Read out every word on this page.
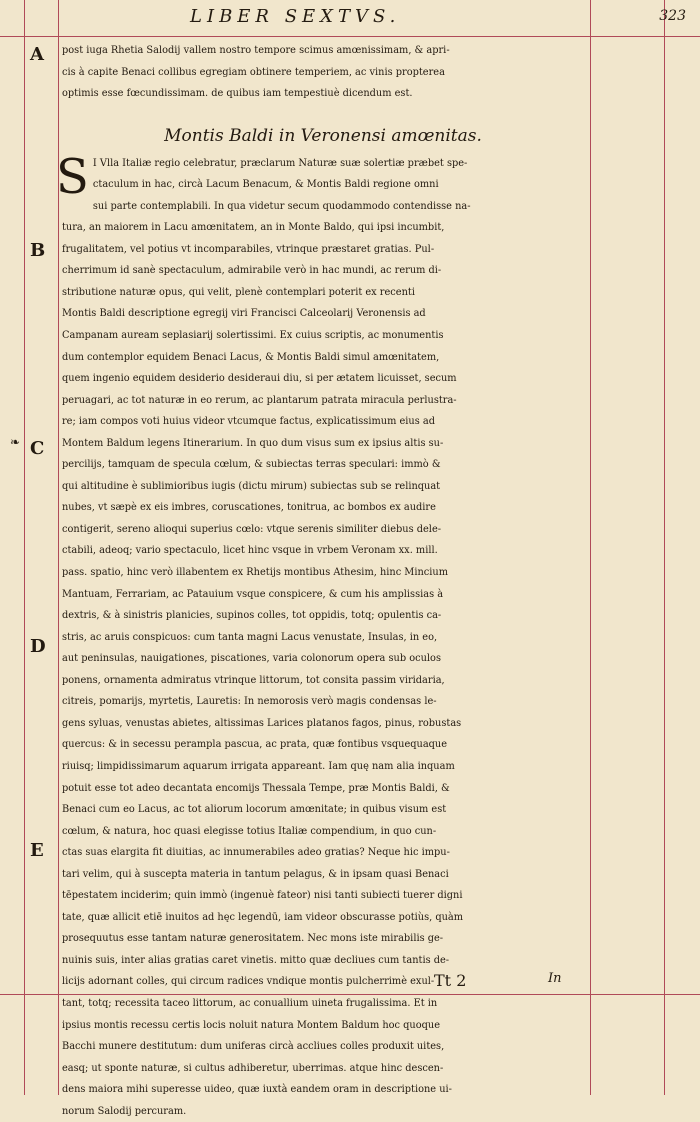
LIBER SEXTVS.	323
A
B
C
D
E
❧
post iuga Rhetia Salodij vallem nostro tempore scimus amœnissimam, & apri-
cis à capite Benaci collibus egregiam obtinere temperiem, ac vinis propterea
optimis esse fœcundissimam. de quibus iam tempestiuè dicendum est.
Montis Baldi in Veronensi amœnitas.
S I Vlla Italiæ regio celebratur, præclarum Naturæ suæ solertiæ præbet spe-
ctaculum in hac, circà Lacum Benacum, & Montis Baldi regione omni
sui parte contemplabili. In qua videtur secum quodammodo contendisse na-
tura, an maiorem in Lacu amœnitatem, an in Monte Baldo, qui ipsi incumbit,
frugalitatem, vel potius vt incomparabiles, vtrinque præstaret gratias. Pul-
cherrimum id sanè spectaculum, admirabile verò in hac mundi, ac rerum di-
stributione naturæ opus, qui velit, plenè contemplari poterit ex recenti
Montis Baldi descriptione egregij viri Francisci Calceolarij Veronensis ad
Campanam auream seplasiarij solertissimi. Ex cuius scriptis, ac monumentis
dum contemplor equidem Benaci Lacus, & Montis Baldi simul amœnitatem,
quem ingenio equidem desiderio desideraui diu, si per ætatem licuisset, secum
peruagari, ac tot naturæ in eo rerum, ac plantarum patrata miracula perlustra-
re; iam compos voti huius videor vtcumque factus, explicatissimum eius ad
Montem Baldum legens Itinerarium. In quo dum visus sum ex ipsius altis su-
percilijs, tamquam de specula cœlum, & subiectas terras speculari: immò &
qui altitudine è sublimioribus iugis (dictu mirum) subiectas sub se relinquat
nubes, vt sæpè ex eis imbres, coruscationes, tonitrua, ac bombos ex audire
contigerit, sereno alioqui superius cœlo: vtque serenis similiter diebus dele-
ctabili, adeoq; vario spectaculo, licet hinc vsque in vrbem Veronam xx. mill.
pass. spatio, hinc verò illabentem ex Rhetijs montibus Athesim, hinc Mincium
Mantuam, Ferrariam, ac Patauium vsque conspicere, & cum his amplissias à
dextris, & à sinistris planicies, supinos colles, tot oppidis, totq; opulentis ca-
stris, ac aruis conspicuos: cum tanta magni Lacus venustate, Insulas, in eo,
aut peninsulas, nauigationes, piscationes, varia colonorum opera sub oculos
ponens, ornamenta admiratus vtrinque littorum, tot consita passim viridaria,
citreis, pomarijs, myrtetis, Lauretis: In nemorosis verò magis condensas le-
gens syluas, venustas abietes, altissimas Larices platanos fagos, pinus, robustas
quercus: & in secessu perampla pascua, ac prata, quæ fontibus vsquequaque
riuisq; limpidissimarum aquarum irrigata appareant. Iam quę nam alia inquam
potuit esse tot adeo decantata encomijs Thessala Tempe, præ Montis Baldi, &
Benaci cum eo Lacus, ac tot aliorum locorum amœnitate; in quibus visum est
cœlum, & natura, hoc quasi elegisse totius Italiæ compendium, in quo cun-
ctas suas elargita fit diuitias, ac innumerabiles adeo gratias? Neque hic impu-
tari velim, qui à suscepta materia in tantum pelagus, & in ipsam quasi Benaci
tēpestatem inciderim; quin immò (ingenuè fateor) nisi tanti subiecti tuerer digni
tate, quæ allicit etiē inuitos ad hęc legendū, iam videor obscurasse potiùs, quàm
prosequutus esse tantam naturæ generositatem. Nec mons iste mirabilis ge-
nuinis suis, inter alias gratias caret vinetis. mitto quæ decliues cum tantis de-
licijs adornant colles, qui circum radices vndique montis pulcherrimè exul-
tant, totq; recessita taceo littorum, ac conuallium uineta frugalissima. Et in
ipsius montis recessu certis locis noluit natura Montem Baldum hoc quoque
Bacchi munere destitutum: dum uniferas circà accliues colles produxit uites,
easq; ut sponte naturæ, si cultus adhiberetur, uberrimas. atque hinc descen-
dens maiora mihi superesse uideo, quæ iuxtà eandem oram in descriptione ui-
norum Salodij percuram.
Tt 2	In
